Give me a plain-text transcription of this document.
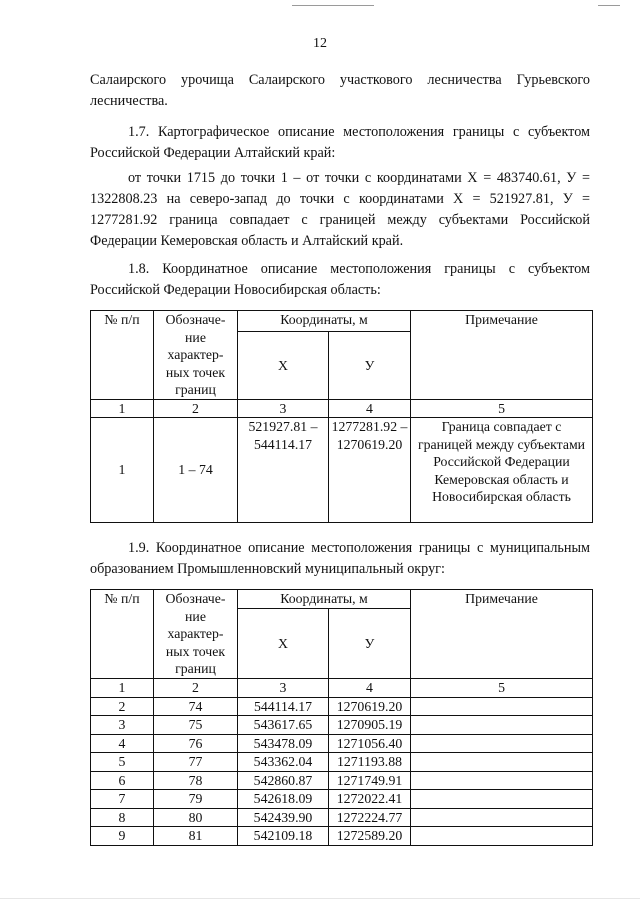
12
Салаирского урочища Салаирского участкового лесничества Гурьевского лесничества.
1.7. Картографическое описание местоположения границы с субъектом Российской Федерации Алтайский край:
от точки 1715 до точки 1 – от точки с координатами Х = 483740.61, У = 1322808.23 на северо-запад до точки с координатами Х = 521927.81, У = 1277281.92 граница совпадает с границей между субъектами Российской Федерации Кемеровская область и Алтайский край.
1.8. Координатное описание местоположения границы с субъектом Российской Федерации Новосибирская область:
№ п/п	Обозначе-ние характер-ных точек границ	Координаты, м		Примечание
		Х	У	
1	2	3	4	5
1	1 – 74	521927.81 – 544114.17	1277281.92 – 1270619.20	Граница совпадает с границей между субъектами Российской Федерации Кемеровская область и Новосибирская область
1.9. Координатное описание местоположения границы с муниципальным образованием Промышленновский муниципальный округ:
№ п/п	Обозначе-ние характер-ных точек границ	Координаты, м		Примечание
		Х	У	
1	2	3	4	5
2	74	544114.17	1270619.20	
3	75	543617.65	1270905.19	
4	76	543478.09	1271056.40	
5	77	543362.04	1271193.88	
6	78	542860.87	1271749.91	
7	79	542618.09	1272022.41	
8	80	542439.90	1272224.77	
9	81	542109.18	1272589.20	
